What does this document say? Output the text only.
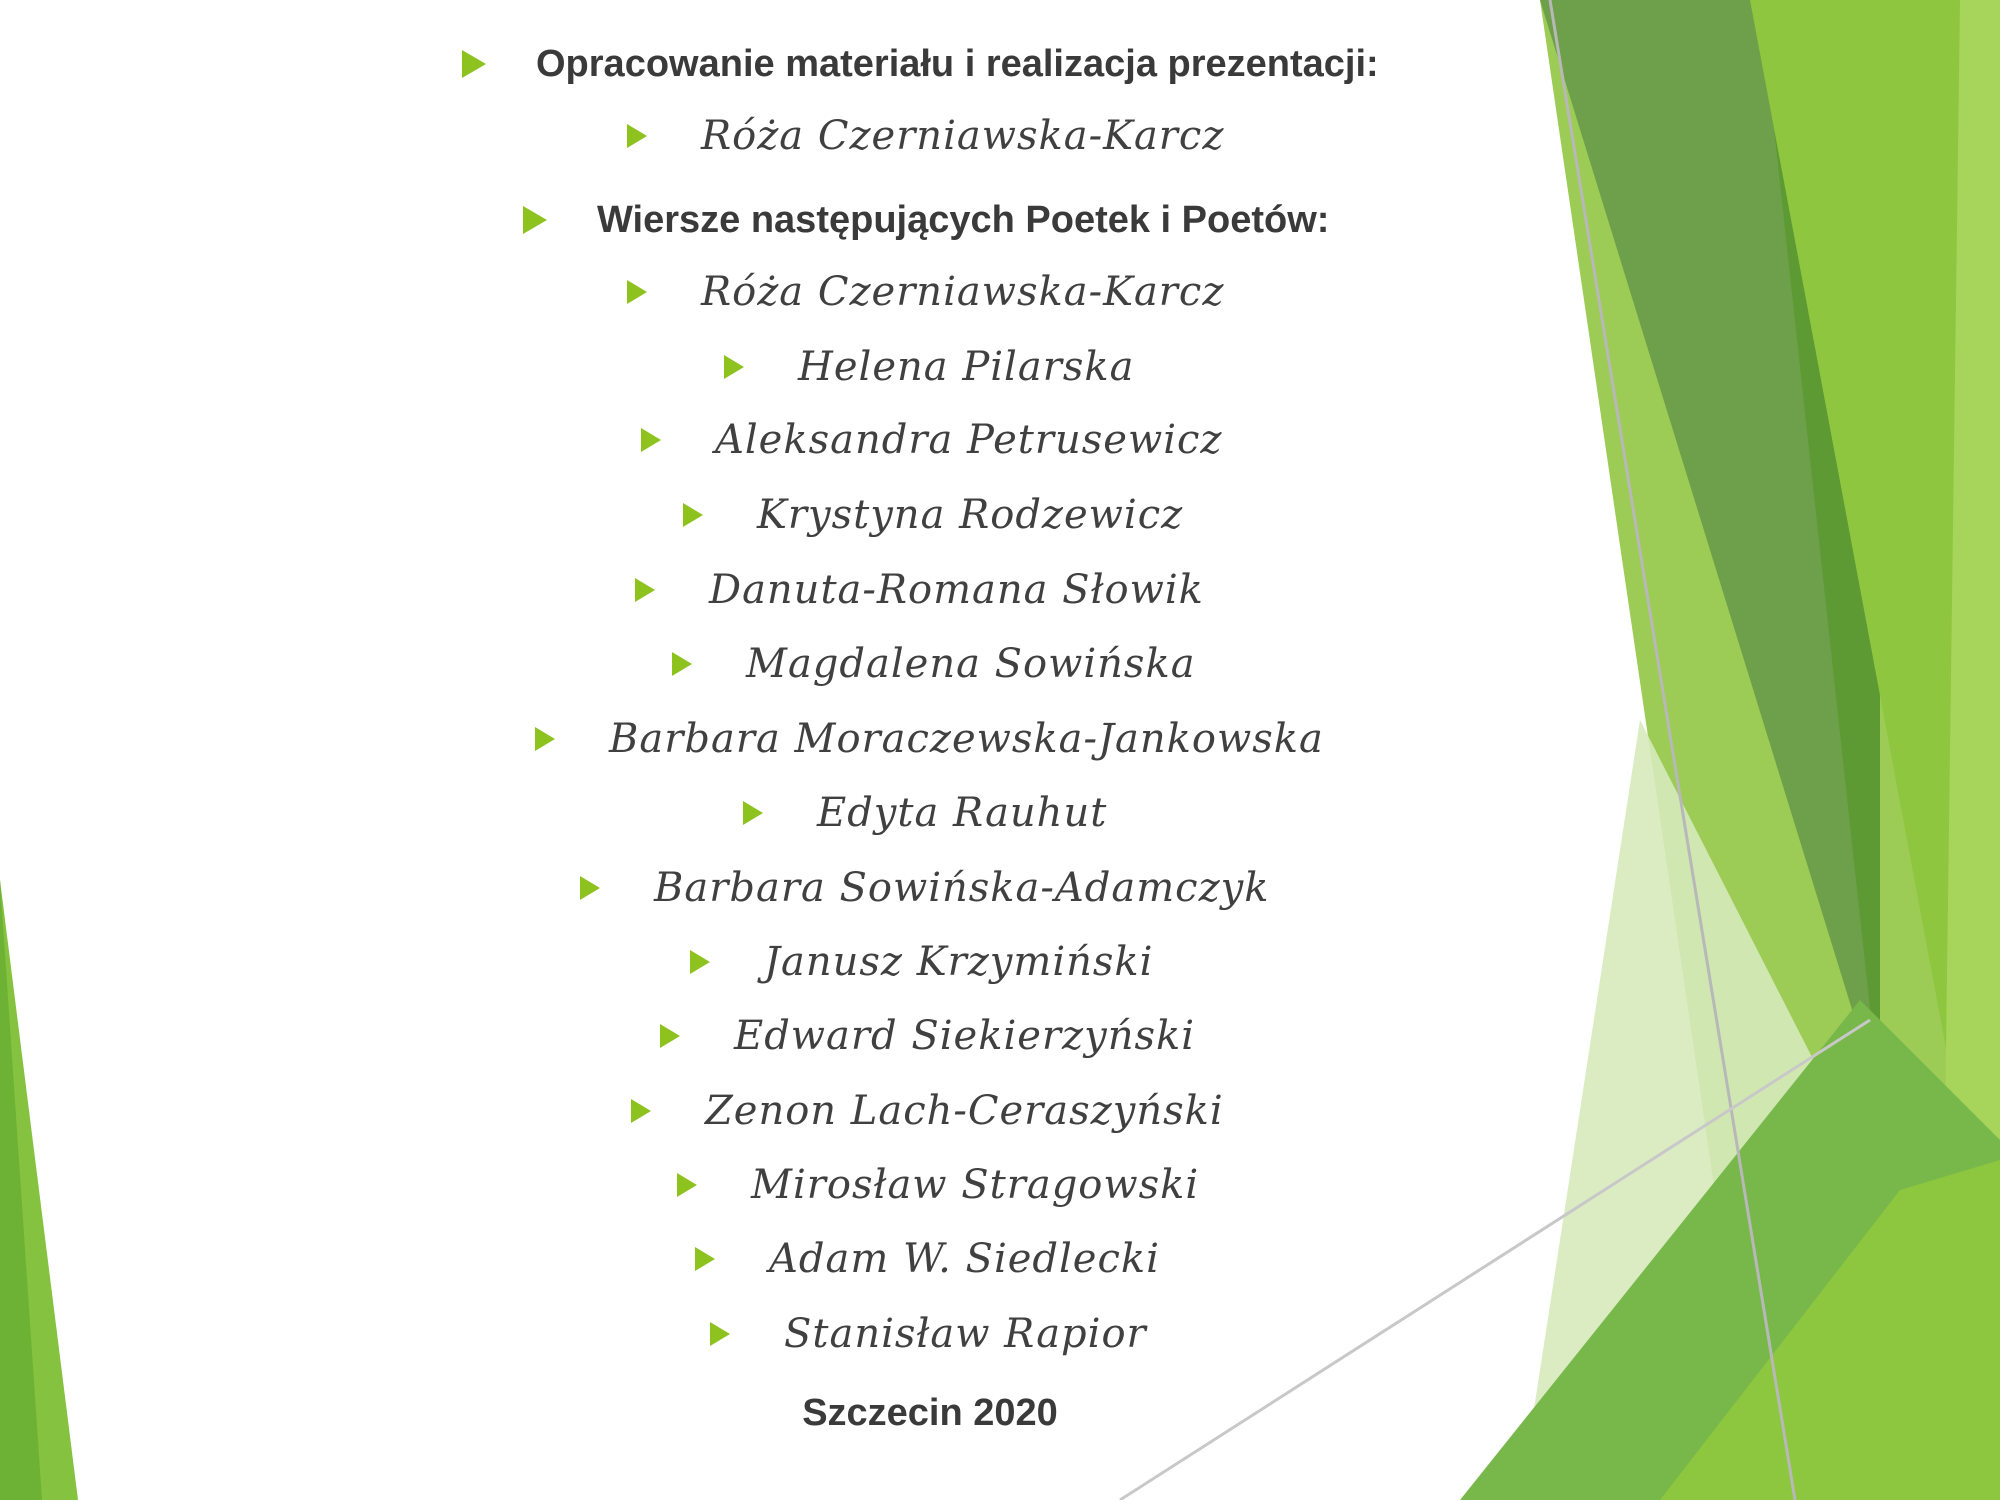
Opracowanie materiału i realizacja prezentacji:
Róża Czerniawska-Karcz
Wiersze następujących Poetek i Poetów:
Róża Czerniawska-Karcz
Helena Pilarska
Aleksandra Petrusewicz
Krystyna Rodzewicz
Danuta-Romana Słowik
Magdalena Sowińska
Barbara Moraczewska-Jankowska
Edyta Rauhut
Barbara Sowińska-Adamczyk
Janusz Krzymiński
Edward Siekierzyński
Zenon Lach-Ceraszyński
Mirosław Stragowski
Adam W. Siedlecki
Stanisław Rapior
Szczecin 2020
